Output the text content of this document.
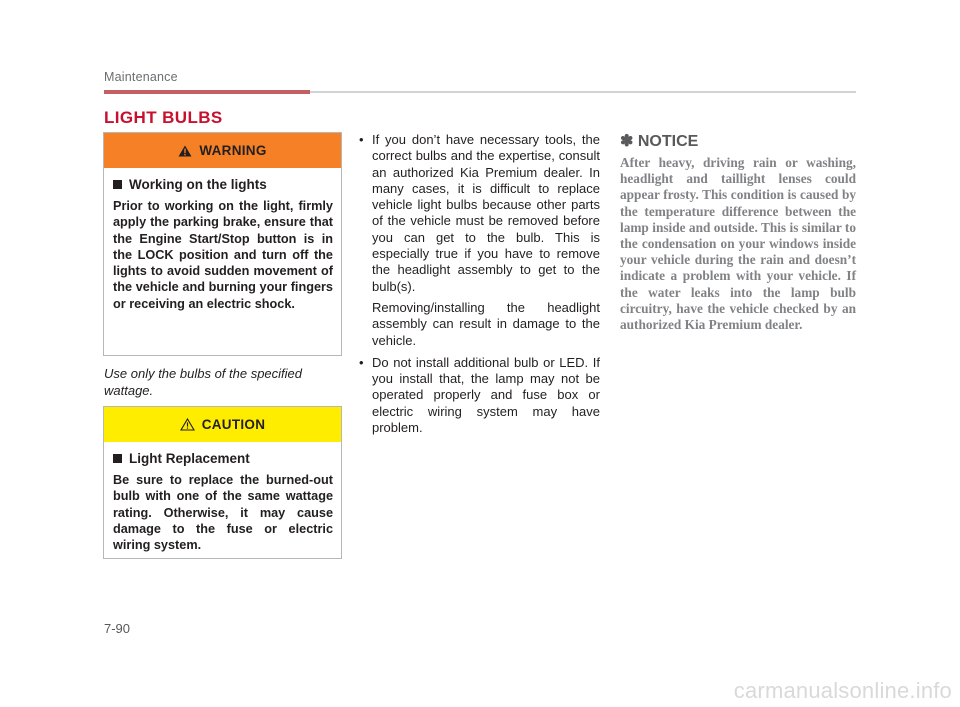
Maintenance
LIGHT BULBS
WARNING
Working on the lights
Prior to working on the light, firmly apply the parking brake, ensure that the Engine Start/Stop button is in the LOCK position and turn off the lights to avoid sudden movement of the vehicle and burning your fingers or receiving an electric shock.
Use only the bulbs of the specified wattage.
CAUTION
Light Replacement
Be sure to replace the burned-out bulb with one of the same wattage rating. Otherwise, it may cause damage to the fuse or electric wiring system.
• If you don’t have necessary tools, the correct bulbs and the expertise, consult an authorized Kia Premium dealer. In many cases, it is difficult to replace vehicle light bulbs because other parts of the vehicle must be removed before you can get to the bulb. This is especially true if you have to remove the headlight assembly to get to the bulb(s).
Removing/installing the headlight assembly can result in damage to the vehicle.
• Do not install additional bulb or LED. If you install that, the lamp may not be operated properly and fuse box or electric wiring system may have problem.
✽ NOTICE
After heavy, driving rain or washing, headlight and taillight lenses could appear frosty. This condition is caused by the temperature difference between the lamp inside and outside. This is similar to the condensation on your windows inside your vehicle during the rain and doesn’t indicate a problem with your vehicle. If the water leaks into the lamp bulb circuitry, have the vehicle checked by an authorized Kia Premium dealer.
7-90
carmanualsonline.info
